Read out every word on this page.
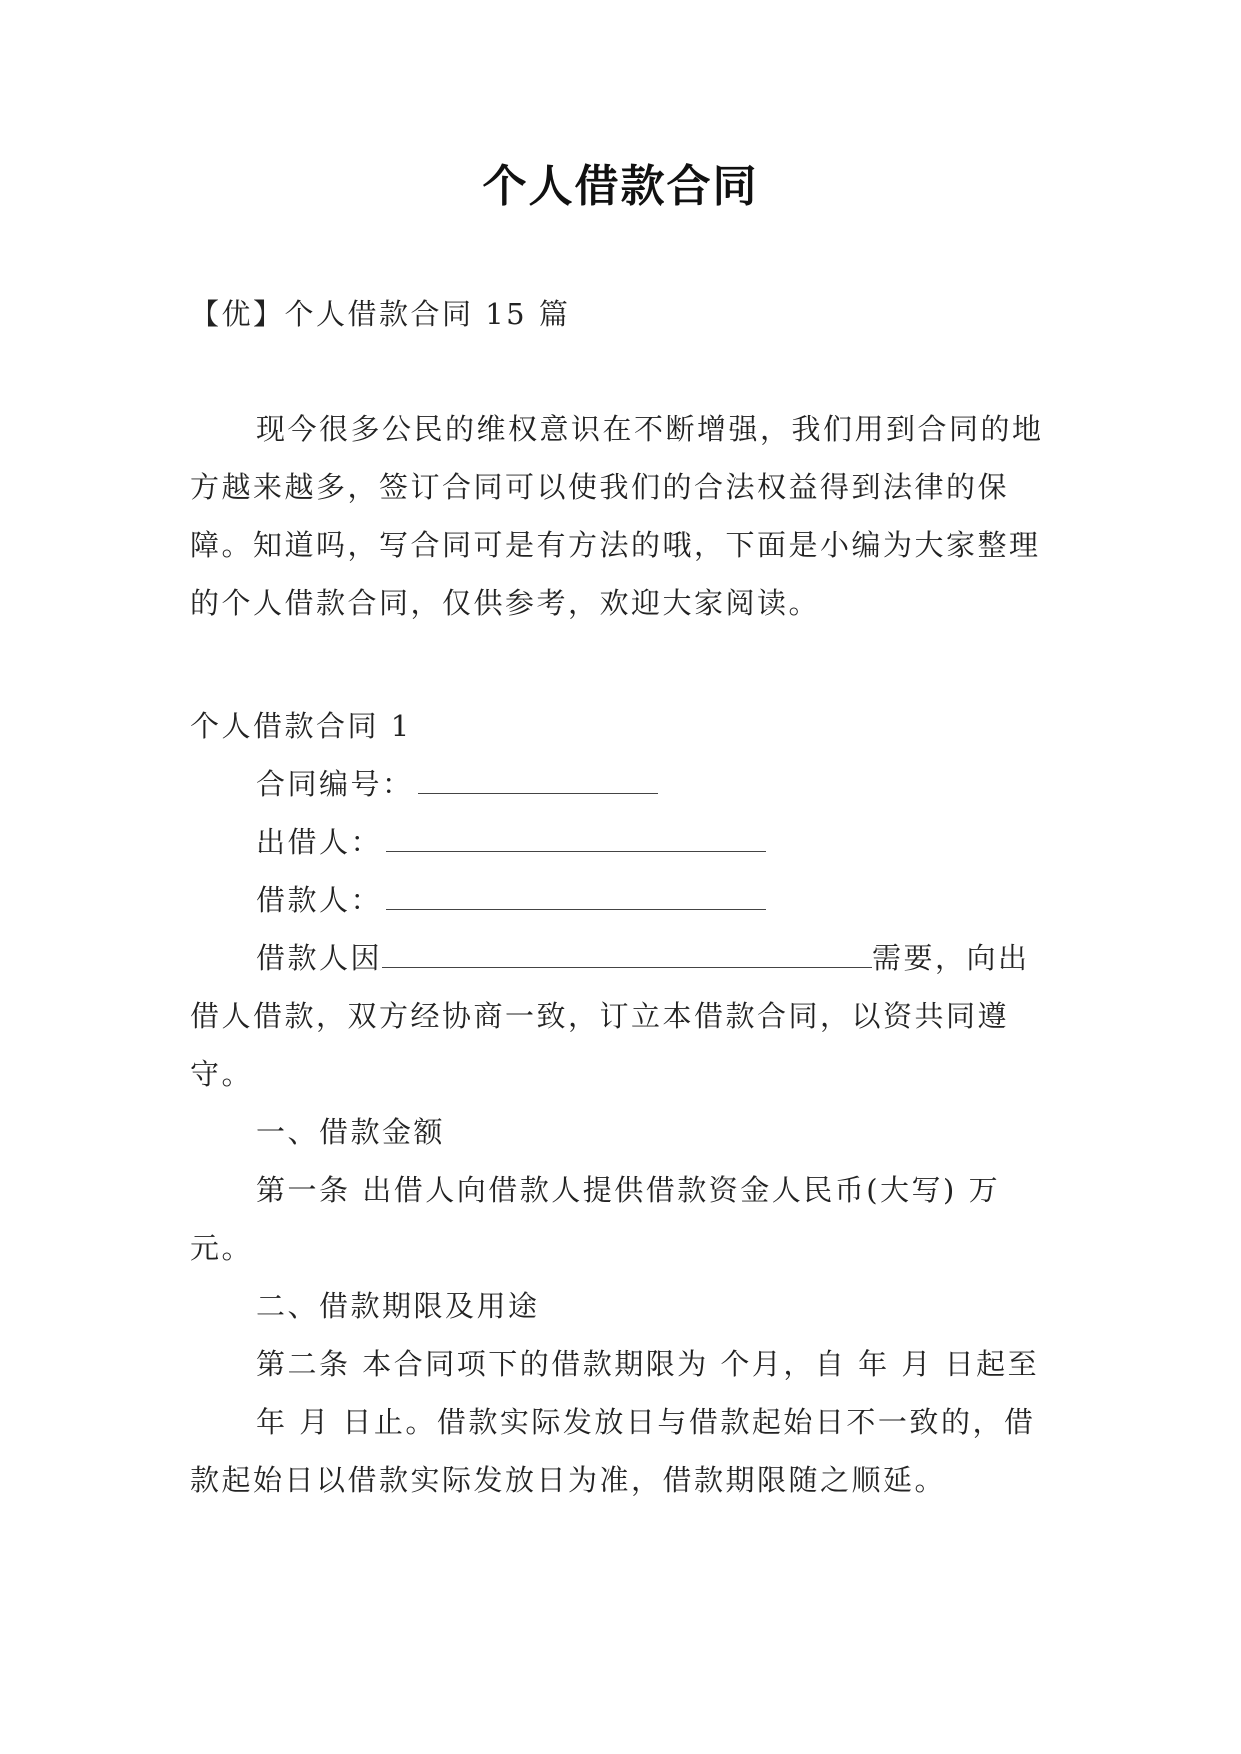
个人借款合同
【优】个人借款合同 15 篇

现今很多公民的维权意识在不断增强，我们用到合同的地方越来越多，签订合同可以使我们的合法权益得到法律的保障。知道吗，写合同可是有方法的哦，下面是小编为大家整理的个人借款合同，仅供参考，欢迎大家阅读。

个人借款合同 1

合同编号：

出借人：

借款人：

借款人因	需要，向出借人借款，双方经协商一致，订立本借款合同，以资共同遵守。

一、借款金额

第一条 出借人向借款人提供借款资金人民币(大写) 万元。

二、借款期限及用途

第二条 本合同项下的借款期限为 个月，自 年 月 日起至

年 月 日止。借款实际发放日与借款起始日不一致的，借款起始日以借款实际发放日为准，借款期限随之顺延。
